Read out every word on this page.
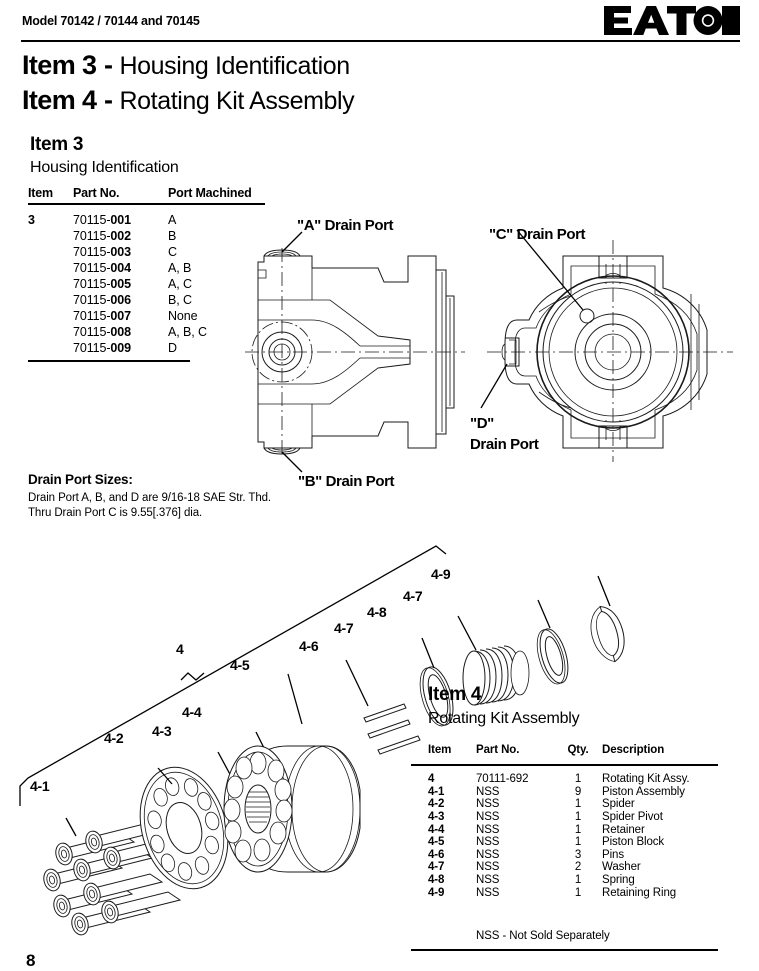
Model 70142 / 70144 and 70145
Item 3 - Housing Identification
Item 4 - Rotating Kit Assembly
Item 3
Housing Identification
Item	Part No.	Port Machined

3	70115-001	A
	70115-002	B
	70115-003	C
	70115-004	A, B
	70115-005	A, C
	70115-006	B, C
	70115-007	None
	70115-008	A, B, C
	70115-009	D
Drain Port Sizes:
Drain Port A, B, and D are 9/16-18 SAE Str. Thd.
Thru Drain Port C is 9.55[.376] dia.
"A" Drain Port
"B" Drain Port
"C" Drain Port
"D"
Drain Port
4
4-1
4-2 4-3
4-4
4-5
4-6
4-7
4-8
4-7
4-9
Item 4
Rotating Kit Assembly
Item	Part No.	Qty.	Description

4	70111-692	1	Rotating Kit Assy.
4-1	NSS	9	Piston Assembly
4-2	NSS	1	Spider
4-3	NSS	1	Spider Pivot
4-4	NSS	1	Retainer
4-5	NSS	1	Piston Block
4-6	NSS	3	Pins
4-7	NSS	2	Washer
4-8	NSS	1	Spring
4-9	NSS	1	Retaining Ring
NSS - Not Sold Separately
8
